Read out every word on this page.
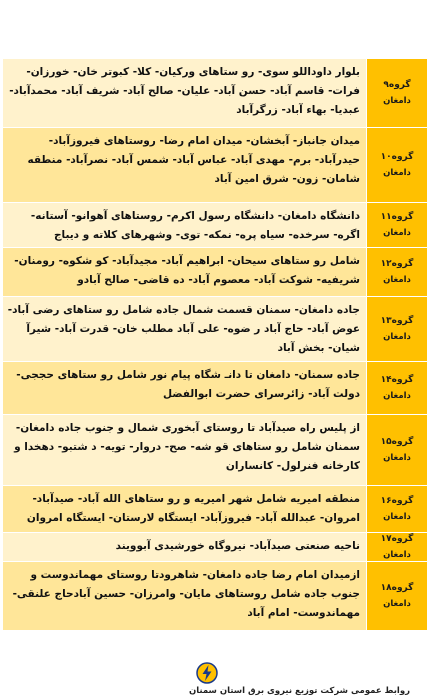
گروه۹
دامغان
بلوار داوداللو سوی- رو ستاهای ورکیان- کلا- کبوتر خان- خورزان- فرات- قاسم آباد- حسن آباد- علیان- صالح آباد- شریف آباد- محمدآباد- عبدیا- بهاء آباد- زرگرآباد
گروه۱۰
دامغان
میدان جانباز- آبخشان- میدان امام رضا- روستاهای فیروزآباد- حیدرآباد- برم- مهدی آباد- عباس آباد- شمس آباد- نصرآباد- منطقه شامان- زون- شرق امین آباد
گروه۱۱
دامغان
دانشگاه دامغان- دانشگاه رسول اکرم- روستاهای آهوانو- آستانه- اگره- سرخده- سیاه پره- نمکه- توی- وشهرهای کلاته و دیباج
گروه۱۲
دامغان
شامل رو ستاهای سیحان- ابراهیم آباد- مجیدآباد- کو شکوه- رومنان- شریفیه- شوکت آباد- معصوم آباد- ده قاضی- صالح آبادو
گروه۱۳
دامغان
جاده دامغان- سمنان قسمت شمال جاده شامل رو ستاهای رضی آباد- عوض آباد- حاج آباد ر ضوه- علی آباد مطلب خان- قدرت آباد- شیرآ شیان- بخش آباد
گروه۱۴
دامغان
جاده سمنان- دامغان تا دانـ شگاه پیام نور شامل رو ستاهای حججی- دولت آباد- زائرسرای حضرت ابوالفضل
گروه۱۵
دامغان
از پلیس راه صیدآباد تا روستای آبخوری شمال و جنوب جاده دامغان- سمنان شامل رو ستاهای قو شه- صح- دروار- تویه- د شتبو- دهخدا و کارخانه فنرلول- کانساران
گروه۱۶
دامغان
منطقه امیریه شامل شهر امیریه و رو ستاهای الله آباد- صیدآباد- امروان- عبدالله آباد- فیروزآباد- ایستگاه لارستان- ایستگاه امروان
گروه۱۷
دامغان
ناحیه صنعتی صیدآباد- نیروگاه خورشیدی آبوویند
گروه۱۸
دامغان
ازمیدان امام رضا جاده دامغان- شاهرودتا روستای مهماندوست و جنوب جاده شامل روستاهای مایان- وامرزان- حسین آبادحاج علنقی- مهماندوست- امام آباد
روابط عمومی شرکت توزیع نیروی برق استان سمنان
